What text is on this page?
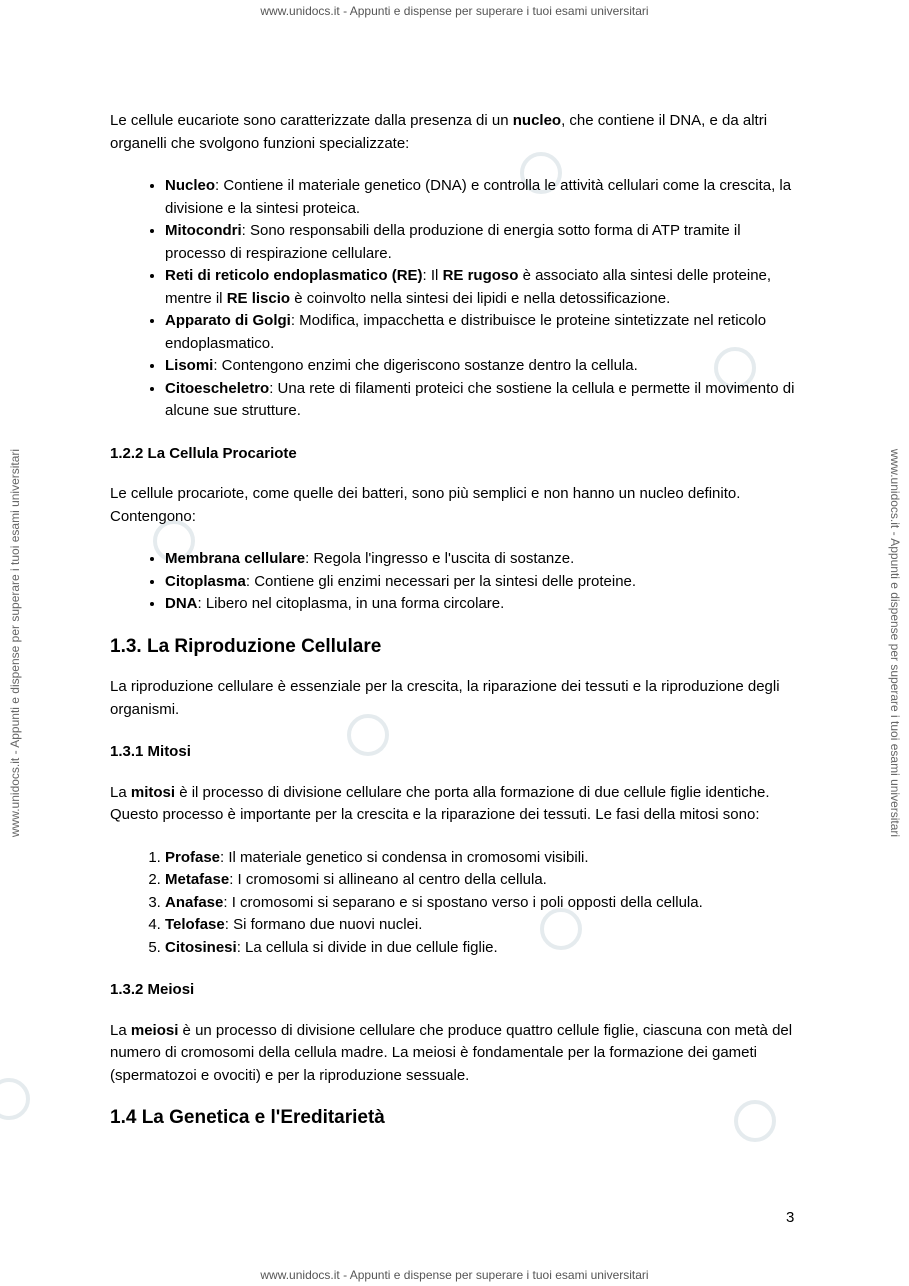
www.unidocs.it - Appunti e dispense per superare i tuoi esami universitari
www.unidocs.it - Appunti e dispense per superare i tuoi esami universitari
www.unidocs.it - Appunti e dispense per superare i tuoi esami universitari	www.unidocs.it - Appunti e dispense per superare i tuoi esami universitari

Le cellule eucariote sono caratterizzate dalla presenza di un nucleo, che contiene il DNA, e da altri organelli che svolgono funzioni specializzate:

• Nucleo: Contiene il materiale genetico (DNA) e controlla le attività cellulari come la crescita, la divisione e la sintesi proteica.
• Mitocondri: Sono responsabili della produzione di energia sotto forma di ATP tramite il processo di respirazione cellulare.
• Reti di reticolo endoplasmatico (RE): Il RE rugoso è associato alla sintesi delle proteine, mentre il RE liscio è coinvolto nella sintesi dei lipidi e nella detossificazione.
• Apparato di Golgi: Modifica, impacchetta e distribuisce le proteine sintetizzate nel reticolo endoplasmatico.
• Lisomi: Contengono enzimi che digeriscono sostanze dentro la cellula.
• Citoescheletro: Una rete di filamenti proteici che sostiene la cellula e permette il movimento di alcune sue strutture.
1.2.2 La Cellula Procariote

Le cellule procariote, come quelle dei batteri, sono più semplici e non hanno un nucleo definito. Contengono:

• Membrana cellulare: Regola l'ingresso e l'uscita di sostanze.
• Citoplasma: Contiene gli enzimi necessari per la sintesi delle proteine.
• DNA: Libero nel citoplasma, in una forma circolare.
1.3. La Riproduzione Cellulare

La riproduzione cellulare è essenziale per la crescita, la riparazione dei tessuti e la riproduzione degli organismi.

1.3.1 Mitosi

La mitosi è il processo di divisione cellulare che porta alla formazione di due cellule figlie identiche. Questo processo è importante per la crescita e la riparazione dei tessuti. Le fasi della mitosi sono:

1. Profase: Il materiale genetico si condensa in cromosomi visibili.
2. Metafase: I cromosomi si allineano al centro della cellula.
3. Anafase: I cromosomi si separano e si spostano verso i poli opposti della cellula.
4. Telofase: Si formano due nuovi nuclei.
5. Citosinesi: La cellula si divide in due cellule figlie.
1.3.2 Meiosi

La meiosi è un processo di divisione cellulare che produce quattro cellule figlie, ciascuna con metà del numero di cromosomi della cellula madre. La meiosi è fondamentale per la formazione dei gameti (spermatozoi e ovociti) e per la riproduzione sessuale.

1.4 La Genetica e l'Ereditarietà
3
